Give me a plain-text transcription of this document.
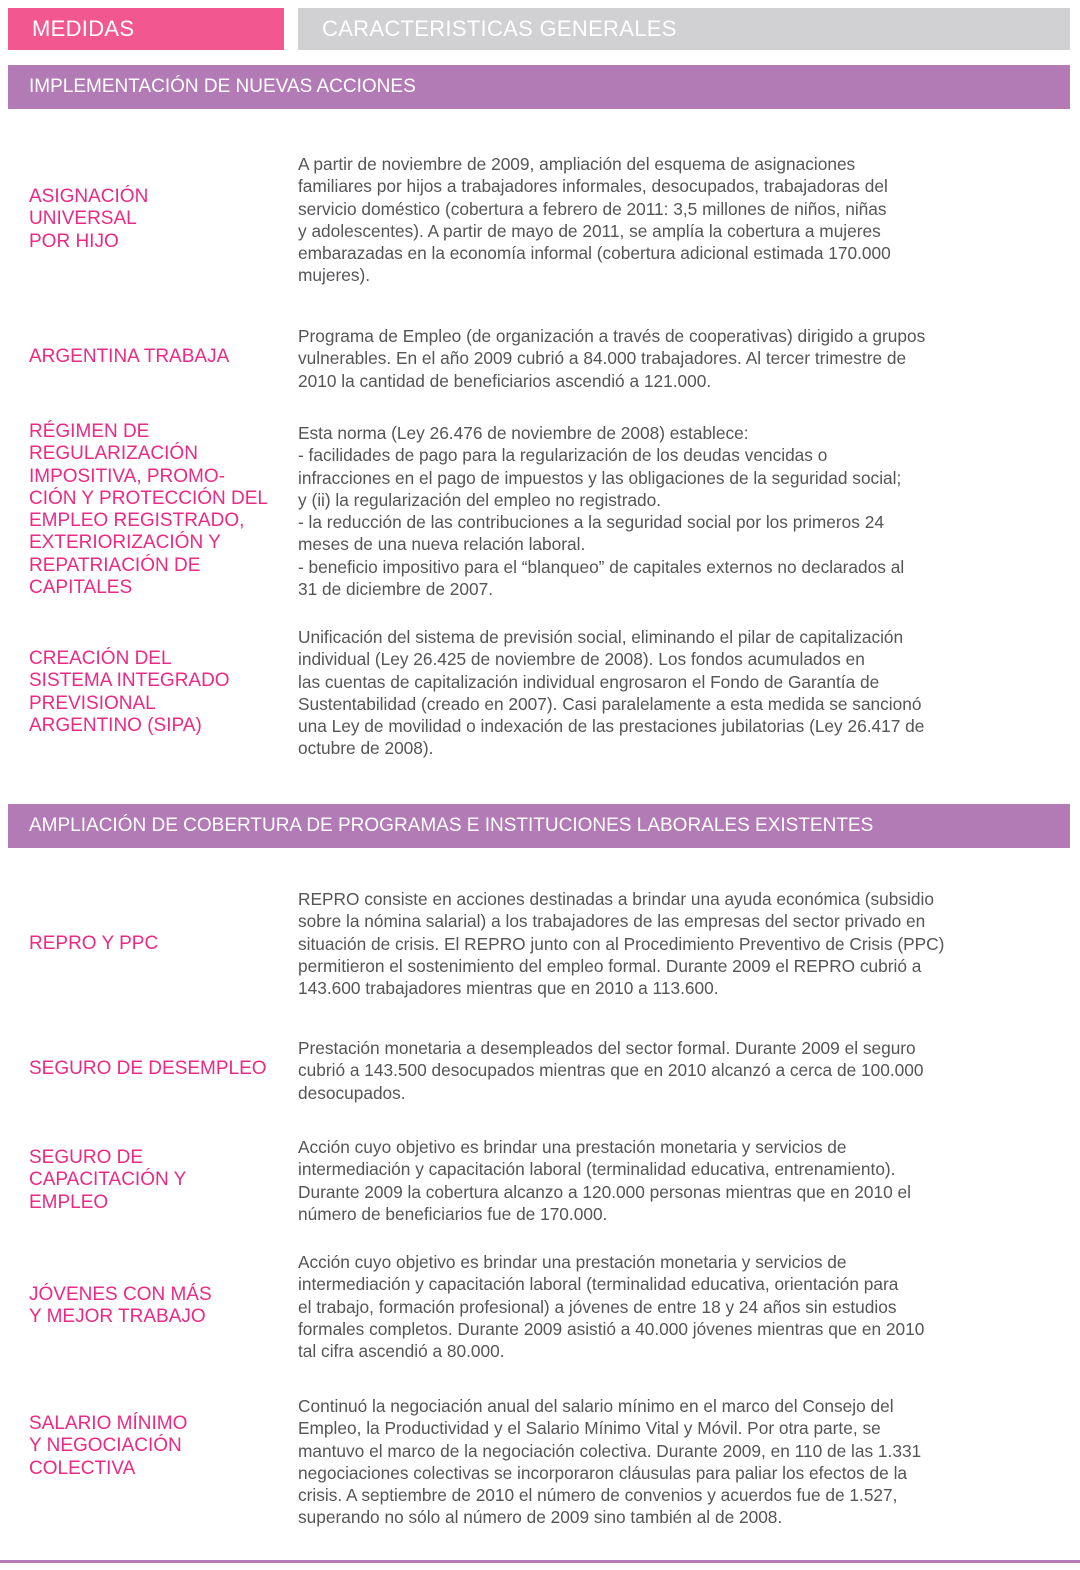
MEDIDAS	CARACTERISTICAS GENERALES
IMPLEMENTACIÓN DE NUEVAS ACCIONES
ASIGNACIÓN
UNIVERSAL
POR HIJO
A partir de noviembre de 2009, ampliación del esquema de asignaciones
familiares por hijos a trabajadores informales, desocupados, trabajadoras del
servicio doméstico (cobertura a febrero de 2011: 3,5 millones de niños, niñas
y adolescentes). A partir de mayo de 2011, se amplía la cobertura a mujeres
embarazadas en la economía informal (cobertura adicional estimada 170.000
mujeres).
ARGENTINA TRABAJA
Programa de Empleo (de organización a través de cooperativas) dirigido a grupos
vulnerables. En el año 2009 cubrió a 84.000 trabajadores. Al tercer trimestre de
2010 la cantidad de beneficiarios ascendió a 121.000.
RÉGIMEN DE
REGULARIZACIÓN
IMPOSITIVA, PROMO-
CIÓN Y PROTECCIÓN DEL
EMPLEO REGISTRADO,
EXTERIORIZACIÓN Y
REPATRIACIÓN DE
CAPITALES
Esta norma (Ley 26.476 de noviembre de 2008) establece:
- facilidades de pago para la regularización de los deudas vencidas o
infracciones en el pago de impuestos y las obligaciones de la seguridad social;
y (ii) la regularización del empleo no registrado.
- la reducción de las contribuciones a la seguridad social por los primeros 24
meses de una nueva relación laboral.
- beneficio impositivo para el “blanqueo” de capitales externos no declarados al
31 de diciembre de 2007.
CREACIÓN DEL
SISTEMA INTEGRADO
PREVISIONAL
ARGENTINO (SIPA)
Unificación del sistema de previsión social, eliminando el pilar de capitalización
individual (Ley 26.425 de noviembre de 2008). Los fondos acumulados en
las cuentas de capitalización individual engrosaron el Fondo de Garantía de
Sustentabilidad (creado en 2007). Casi paralelamente a esta medida se sancionó
una Ley de movilidad o indexación de las prestaciones jubilatorias (Ley 26.417 de
octubre de 2008).
AMPLIACIÓN DE COBERTURA DE PROGRAMAS E INSTITUCIONES LABORALES EXISTENTES
REPRO Y PPC
REPRO consiste en acciones destinadas a brindar una ayuda económica (subsidio
sobre la nómina salarial) a los trabajadores de las empresas del sector privado en
situación de crisis. El REPRO junto con al Procedimiento Preventivo de Crisis (PPC)
permitieron el sostenimiento del empleo formal. Durante 2009 el REPRO cubrió a
143.600 trabajadores mientras que en 2010 a 113.600.
SEGURO DE DESEMPLEO
Prestación monetaria a desempleados del sector formal. Durante 2009 el seguro
cubrió a 143.500 desocupados mientras que en 2010 alcanzó a cerca de 100.000
desocupados.
SEGURO DE
CAPACITACIÓN Y
EMPLEO
Acción cuyo objetivo es brindar una prestación monetaria y servicios de
intermediación y capacitación laboral (terminalidad educativa, entrenamiento).
Durante 2009 la cobertura alcanzo a 120.000 personas mientras que en 2010 el
número de beneficiarios fue de 170.000.
JÓVENES CON MÁS
Y MEJOR TRABAJO
Acción cuyo objetivo es brindar una prestación monetaria y servicios de
intermediación y capacitación laboral (terminalidad educativa, orientación para
el trabajo, formación profesional) a jóvenes de entre 18 y 24 años sin estudios
formales completos. Durante 2009 asistió a 40.000 jóvenes mientras que en 2010
tal cifra ascendió a 80.000.
SALARIO MÍNIMO
Y NEGOCIACIÓN
COLECTIVA
Continuó la negociación anual del salario mínimo en el marco del Consejo del
Empleo, la Productividad y el Salario Mínimo Vital y Móvil. Por otra parte, se
mantuvo el marco de la negociación colectiva. Durante 2009, en 110 de las 1.331
negociaciones colectivas se incorporaron cláusulas para paliar los efectos de la
crisis. A septiembre de 2010 el número de convenios y acuerdos fue de 1.527,
superando no sólo al número de 2009 sino también al de 2008.
